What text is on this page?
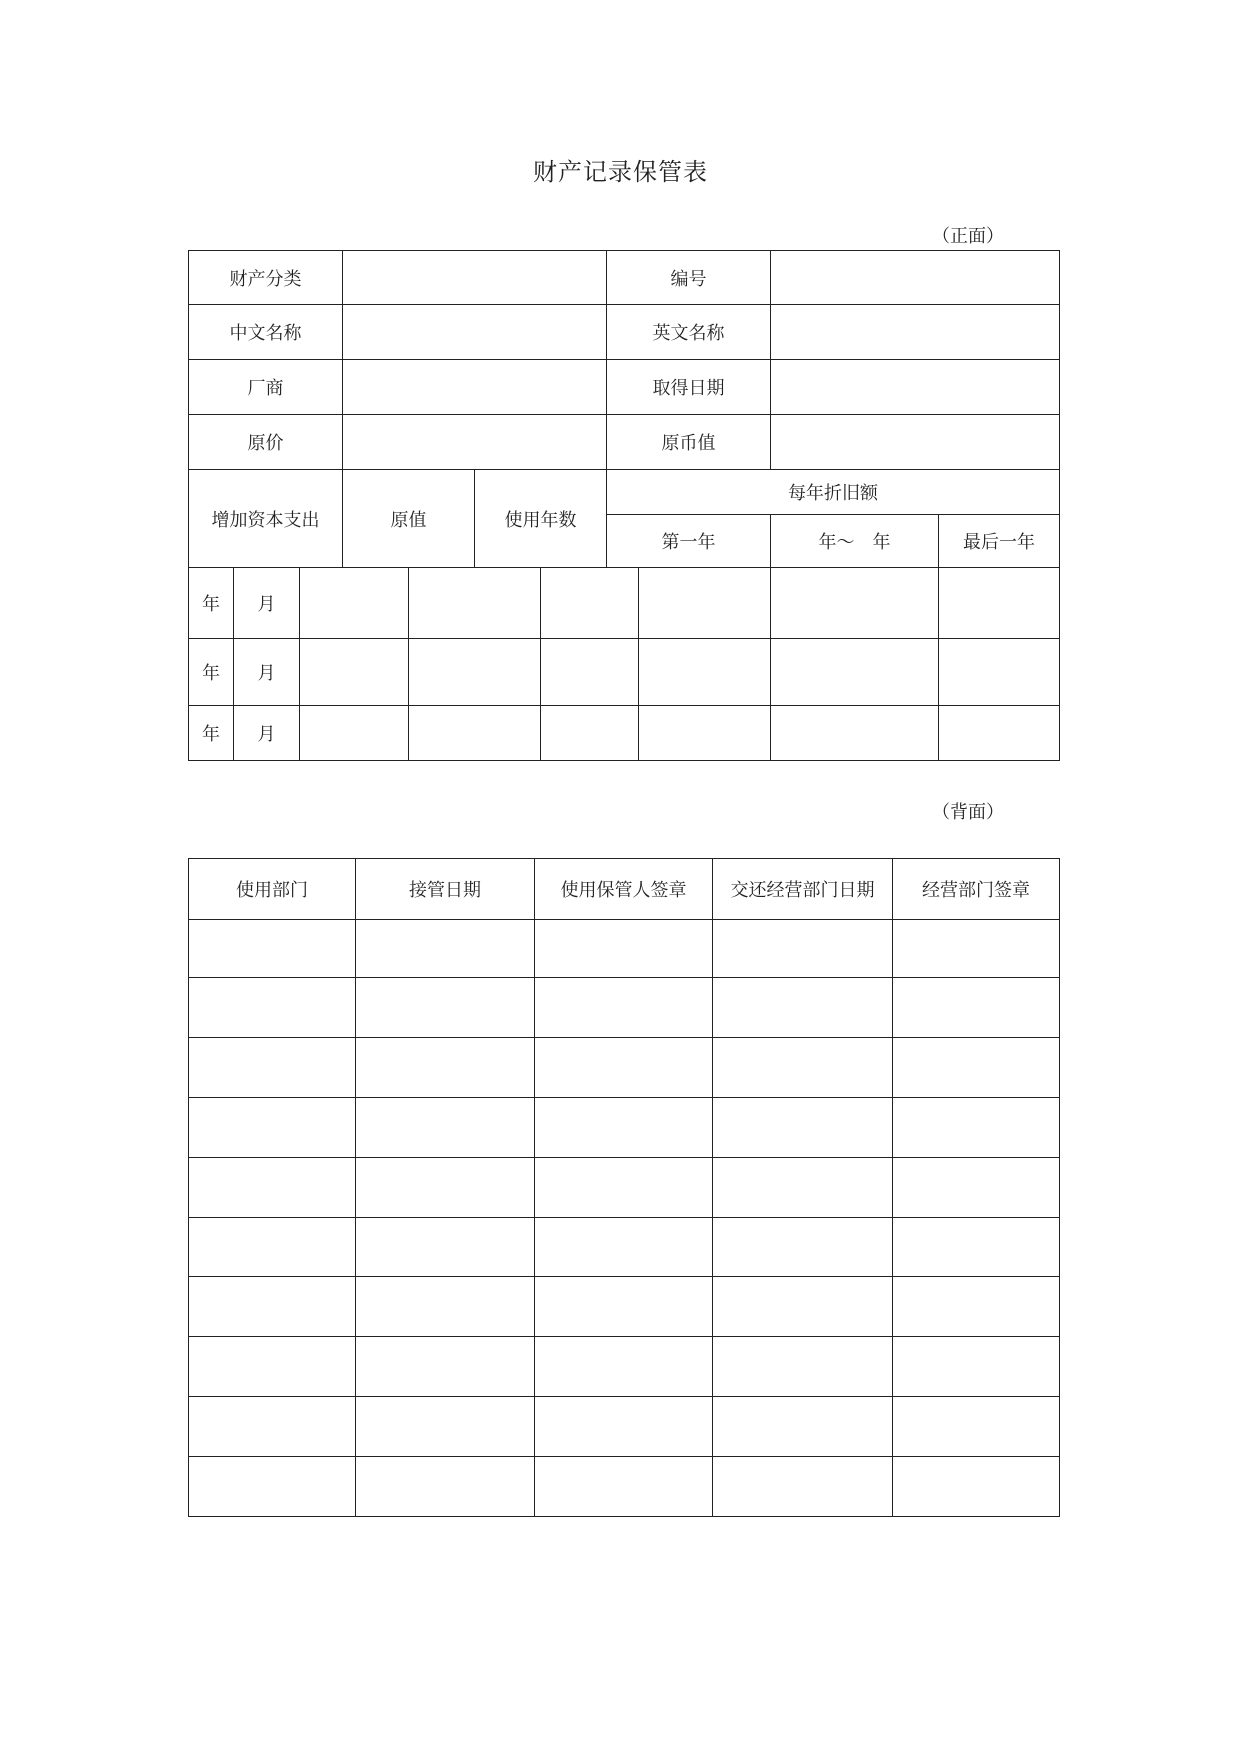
财产记录保管表
（正面）
财产分类							编号			
中文名称							英文名称			
厂商							取得日期			
原价							原币值			
增加资本支出			原值		使用年数		每年折旧额			
							第一年		年～　年	最后一年
年	月									
年	月									
年	月									
（背面）
使用部门	接管日期	使用保管人签章	交还经营部门日期	经营部门签章
